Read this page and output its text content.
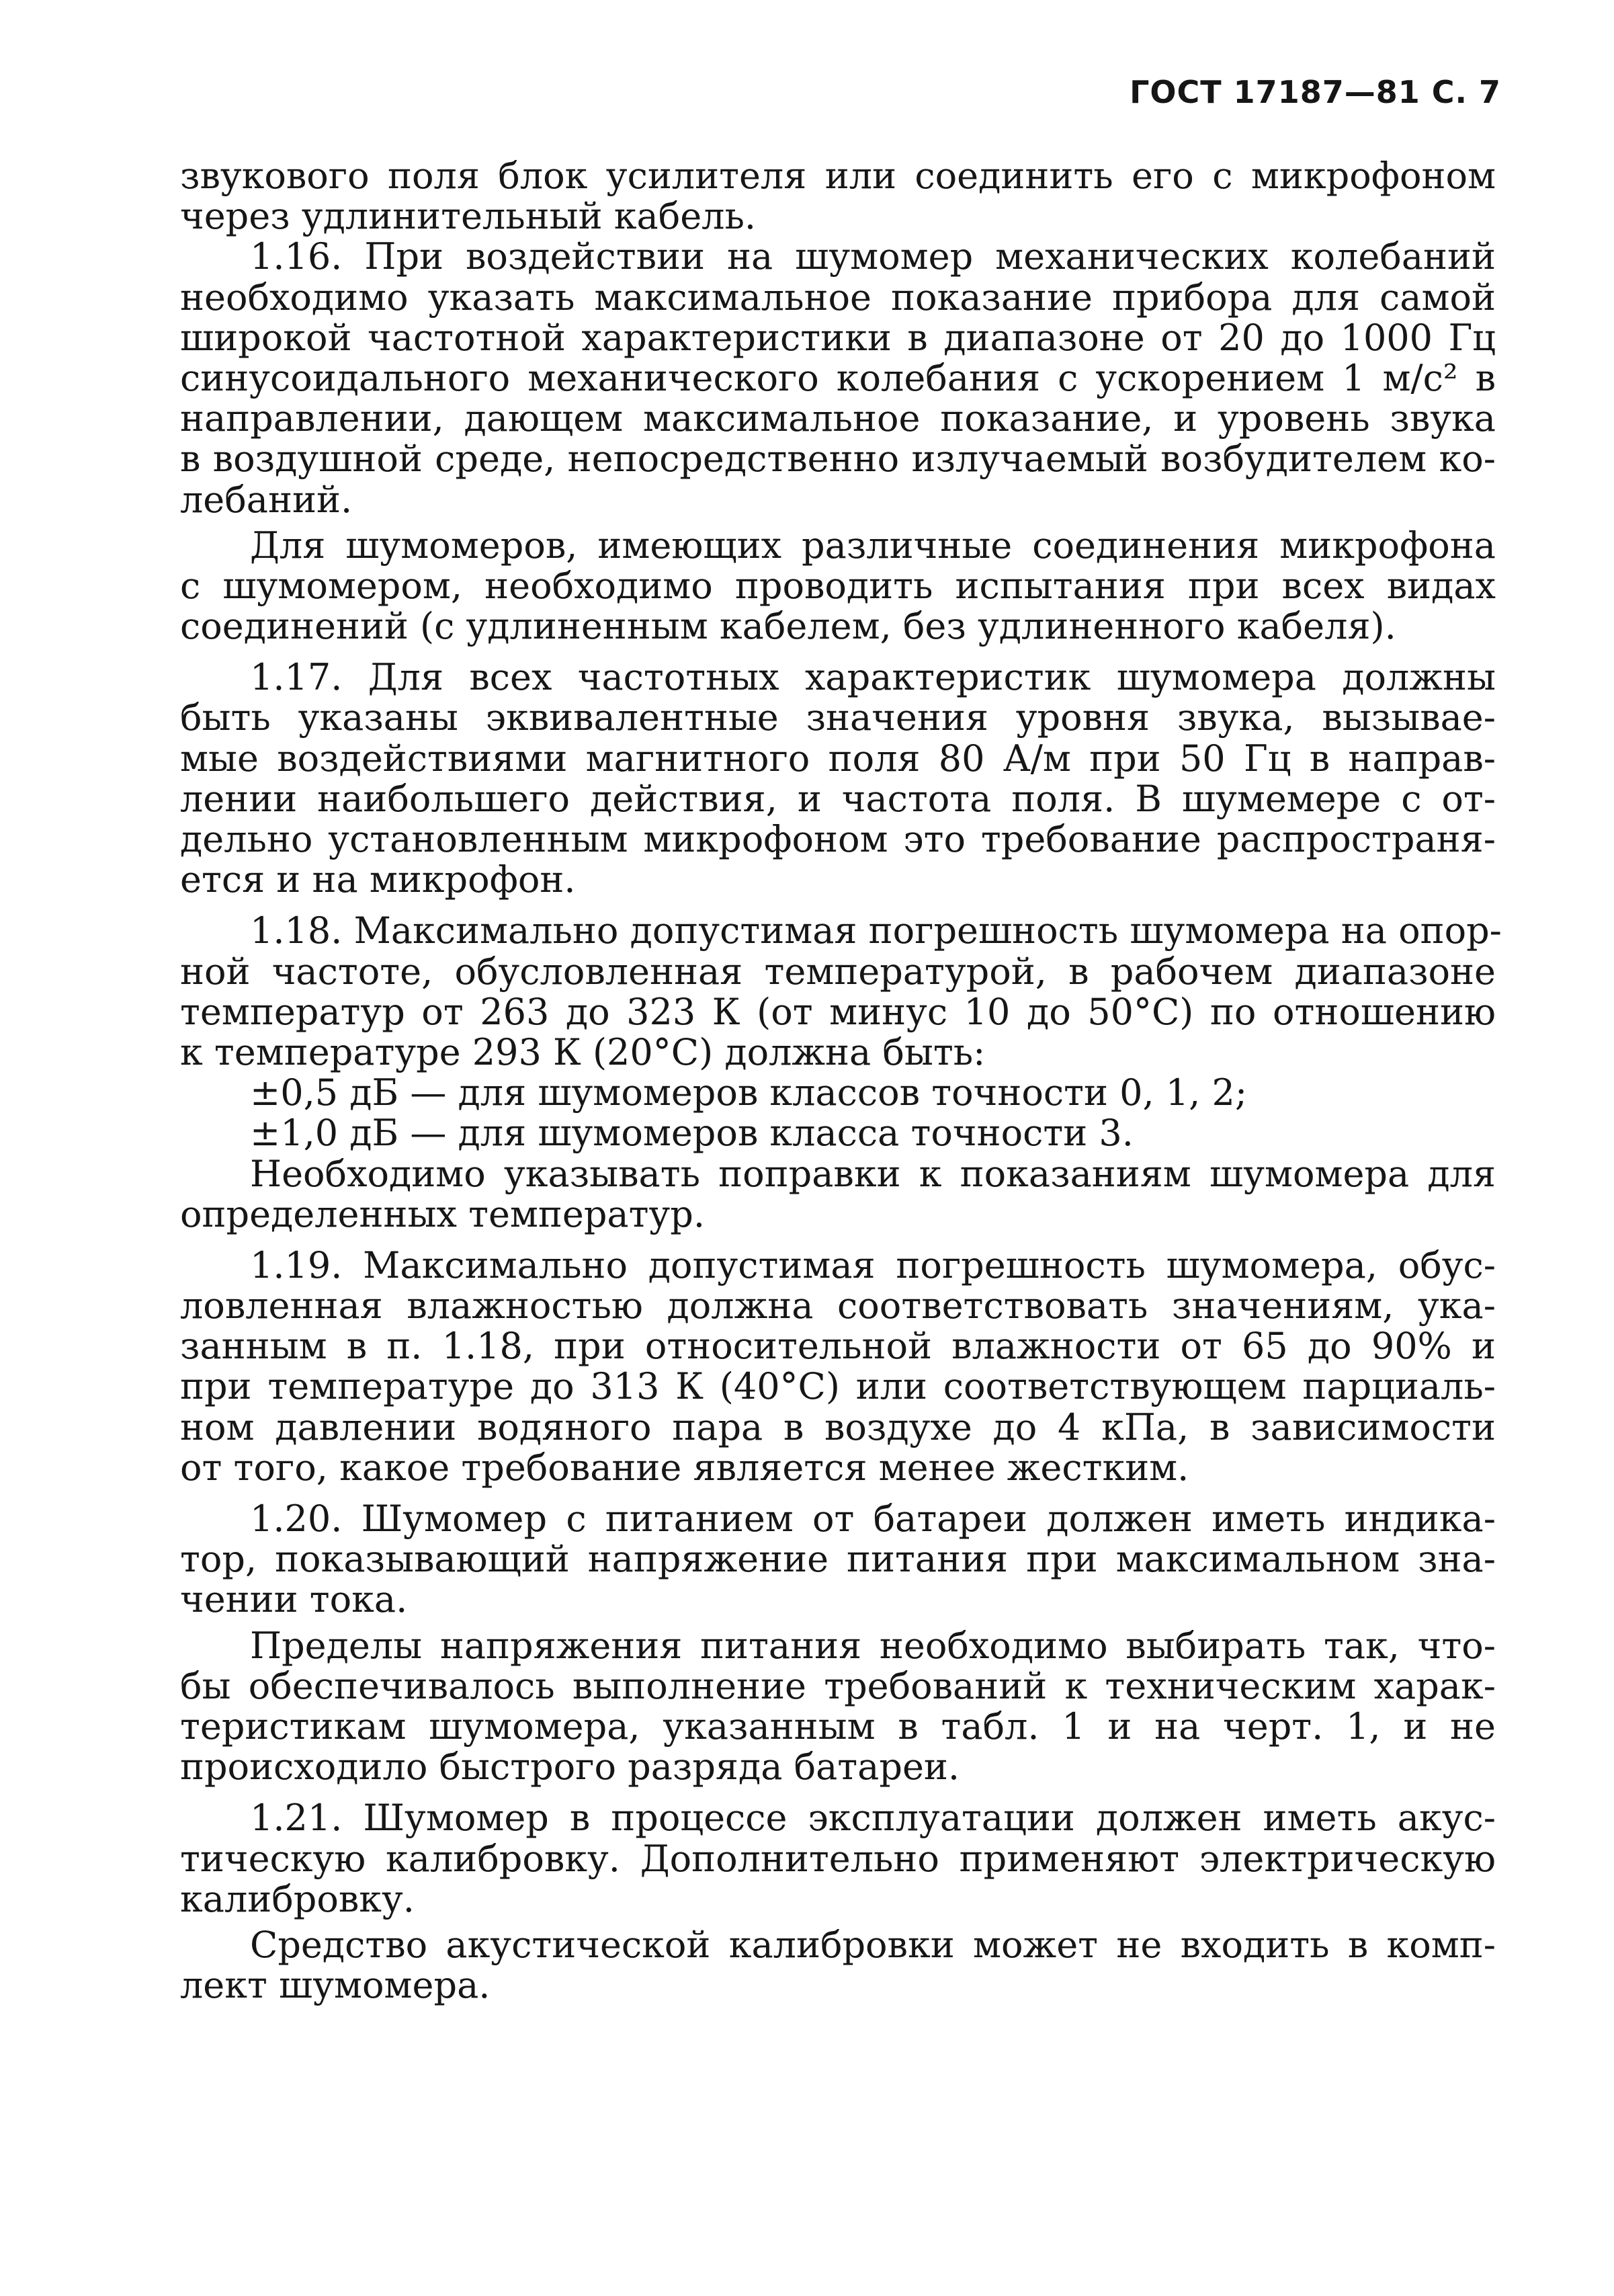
ГОСТ 17187—81 С. 7
звукового поля блок усилителя или соединить его с микрофоном
через удлинительный кабель.
1.16. При воздействии на шумомер механических колебаний
необходимо указать максимальное показание прибора для самой
широкой частотной характеристики в диапазоне от 20 до 1000 Гц
синусоидального механического колебания с ускорением 1 м/с² в
направлении, дающем максимальное показание, и уровень звука
в воздушной среде, непосредственно излучаемый возбудителем ко-
лебаний.
Для шумомеров, имеющих различные соединения микрофона
с шумомером, необходимо проводить испытания при всех видах
соединений (с удлиненным кабелем, без удлиненного кабеля).
1.17. Для всех частотных характеристик шумомера должны
быть указаны эквивалентные значения уровня звука, вызывае-
мые воздействиями магнитного поля 80 А/м при 50 Гц в направ-
лении наибольшего действия, и частота поля. В шумемере с от-
дельно установленным микрофоном это требование распространя-
ется и на микрофон.
1.18. Максимально допустимая погрешность шумомера на опор-
ной частоте, обусловленная температурой, в рабочем диапазоне
температур от 263 до 323 К (от минус 10 до 50°С) по отношению
к температуре 293 К (20°С) должна быть:
±0,5 дБ — для шумомеров классов точности 0, 1, 2;
±1,0 дБ — для шумомеров класса точности 3.
Необходимо указывать поправки к показаниям шумомера для
определенных температур.
1.19. Максимально допустимая погрешность шумомера, обус-
ловленная влажностью должна соответствовать значениям, ука-
занным в п. 1.18, при относительной влажности от 65 до 90% и
при температуре до 313 К (40°С) или соответствующем парциаль-
ном давлении водяного пара в воздухе до 4 кПа, в зависимости
от того, какое требование является менее жестким.
1.20. Шумомер с питанием от батареи должен иметь индика-
тор, показывающий напряжение питания при максимальном зна-
чении тока.
Пределы напряжения питания необходимо выбирать так, что-
бы обеспечивалось выполнение требований к техническим харак-
теристикам шумомера, указанным в табл. 1 и на черт. 1, и не
происходило быстрого разряда батареи.
1.21. Шумомер в процессе эксплуатации должен иметь акус-
тическую калибровку. Дополнительно применяют электрическую
калибровку.
Средство акустической калибровки может не входить в комп-
лект шумомера.
